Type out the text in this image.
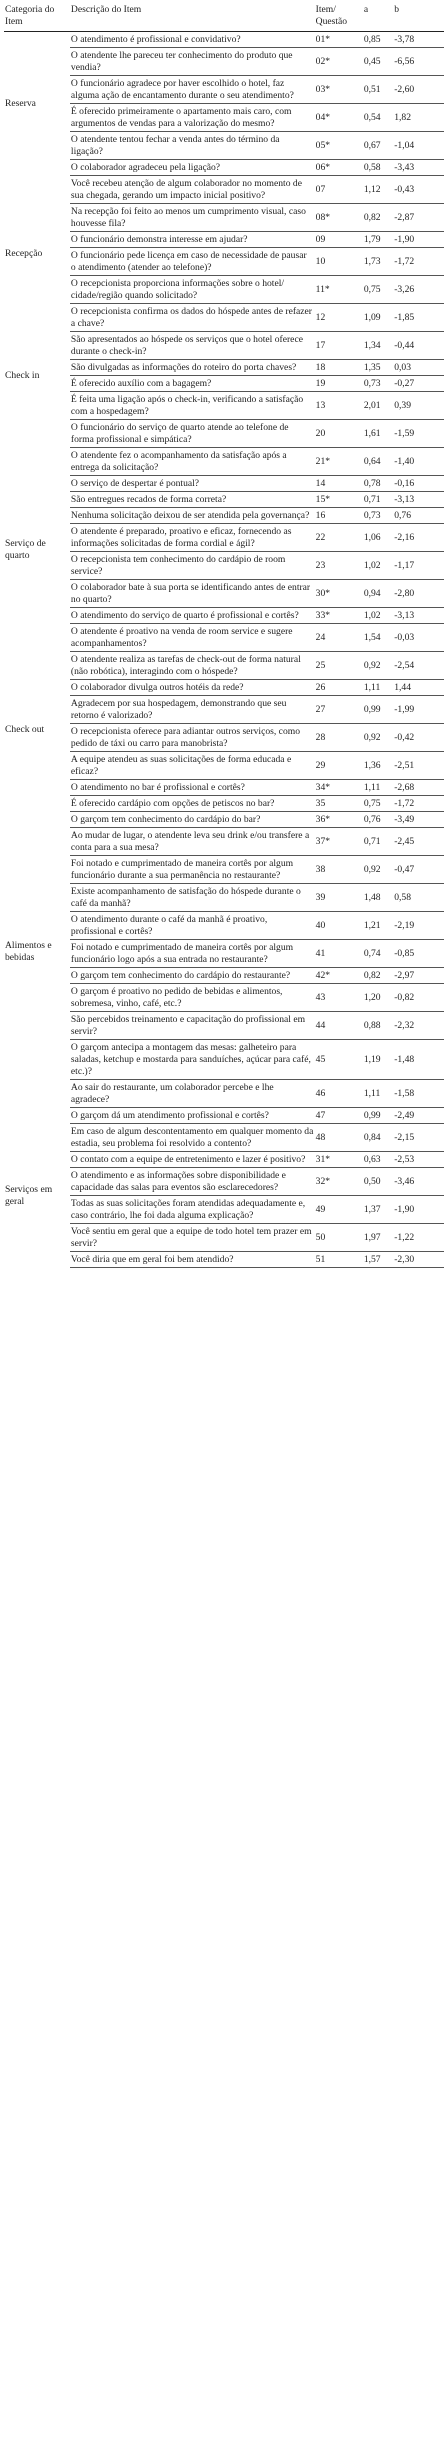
Categoria do Item	Descrição do Item	Item/ Questão	a	b
Reserva	O atendimento é profissional e convidativo?	01*	0,85	-3,78
	O atendente lhe pareceu ter conhecimento do produto que vendia?	02*	0,45	-6,56
	O funcionário agradece por haver escolhido o hotel, faz alguma ação de encantamento durante o seu atendimento?	03*	0,51	-2,60
	É oferecido primeiramente o apartamento mais caro, com argumentos de vendas para a valorização do mesmo?	04*	0,54	1,82
	O atendente tentou fechar a venda antes do término da ligação?	05*	0,67	-1,04
	O colaborador agradeceu pela ligação?	06*	0,58	-3,43
Recepção	Você recebeu atenção de algum colaborador no momento de sua chegada, gerando um impacto inicial positivo?	07	1,12	-0,43
	Na recepção foi feito ao menos um cumprimento visual, caso houvesse fila?	08*	0,82	-2,87
	O funcionário demonstra interesse em ajudar?	09	1,79	-1,90
	O funcionário pede licença em caso de necessidade de pausar o atendimento (atender ao telefone)?	10	1,73	-1,72
	O recepcionista proporciona informações sobre o hotel/ cidade/região quando solicitado?	11*	0,75	-3,26
	O recepcionista confirma os dados do hóspede antes de refazer a chave?	12	1,09	-1,85
Check in	São apresentados ao hóspede os serviços que o hotel oferece durante o check-in?	17	1,34	-0,44
	São divulgadas as informações do roteiro do porta chaves?	18	1,35	0,03
	É oferecido auxílio com a bagagem?	19	0,73	-0,27
	É feita uma ligação após o check-in, verificando a satisfação com a hospedagem?	13	2,01	0,39
Serviço de quarto	O funcionário do serviço de quarto atende ao telefone de forma profissional e simpática?	20	1,61	-1,59
	O atendente fez o acompanhamento da satisfação após a entrega da solicitação?	21*	0,64	-1,40
	O serviço de despertar é pontual?	14	0,78	-0,16
	São entregues recados de forma correta?	15*	0,71	-3,13
	Nenhuma solicitação deixou de ser atendida pela governança?	16	0,73	0,76
	O atendente é preparado, proativo e eficaz, fornecendo as informações solicitadas de forma cordial e ágil?	22	1,06	-2,16
	O recepcionista tem conhecimento do cardápio de room service?	23	1,02	-1,17
	O colaborador bate à sua porta se identificando antes de entrar no quarto?	30*	0,94	-2,80
	O atendimento do serviço de quarto é profissional e cortês?	33*	1,02	-3,13
	O atendente é proativo na venda de room service e sugere acompanhamentos?	24	1,54	-0,03
	O atendente realiza as tarefas de check-out de forma natural (não robótica), interagindo com o hóspede?	25	0,92	-2,54
Check out	O colaborador divulga outros hotéis da rede?	26	1,11	1,44
	Agradecem por sua hospedagem, demonstrando que seu retorno é valorizado?	27	0,99	-1,99
	O recepcionista oferece para adiantar outros serviços, como pedido de táxi ou carro para manobrista?	28	0,92	-0,42
	A equipe atendeu as suas solicitações de forma educada e eficaz?	29	1,36	-2,51
Alimentos e bebidas	O atendimento no bar é profissional e cortês?	34*	1,11	-2,68
	É oferecido cardápio com opções de petiscos no bar?	35	0,75	-1,72
	O garçom tem conhecimento do cardápio do bar?	36*	0,76	-3,49
	Ao mudar de lugar, o atendente leva seu drink e/ou transfere a conta para a sua mesa?	37*	0,71	-2,45
	Foi notado e cumprimentado de maneira cortês por algum funcionário durante a sua permanência no restaurante?	38	0,92	-0,47
	Existe acompanhamento de satisfação do hóspede durante o café da manhã?	39	1,48	0,58
	O atendimento durante o café da manhã é proativo, profissional e cortês?	40	1,21	-2,19
	Foi notado e cumprimentado de maneira cortês por algum funcionário logo após a sua entrada no restaurante?	41	0,74	-0,85
	O garçom tem conhecimento do cardápio do restaurante?	42*	0,82	-2,97
	O garçom é proativo no pedido de bebidas e alimentos, sobremesa, vinho, café, etc.?	43	1,20	-0,82
	São percebidos treinamento e capacitação do profissional em servir?	44	0,88	-2,32
	O garçom antecipa a montagem das mesas: galheteiro para saladas, ketchup e mostarda para sanduíches, açúcar para café, etc.)?	45	1,19	-1,48
	Ao sair do restaurante, um colaborador percebe e lhe agradece?	46	1,11	-1,58
	O garçom dá um atendimento profissional e cortês?	47	0,99	-2,49
Serviços em geral	Em caso de algum descontentamento em qualquer momento da estadia, seu problema foi resolvido a contento?	48	0,84	-2,15
	O contato com a equipe de entretenimento e lazer é positivo?	31*	0,63	-2,53
	O atendimento e as informações sobre disponibilidade e capacidade das salas para eventos são esclarecedores?	32*	0,50	-3,46
	Todas as suas solicitações foram atendidas adequadamente e, caso contrário, lhe foi dada alguma explicação?	49	1,37	-1,90
	Você sentiu em geral que a equipe de todo hotel tem prazer em servir?	50	1,97	-1,22
	Você diria que em geral foi bem atendido?	51	1,57	-2,30
